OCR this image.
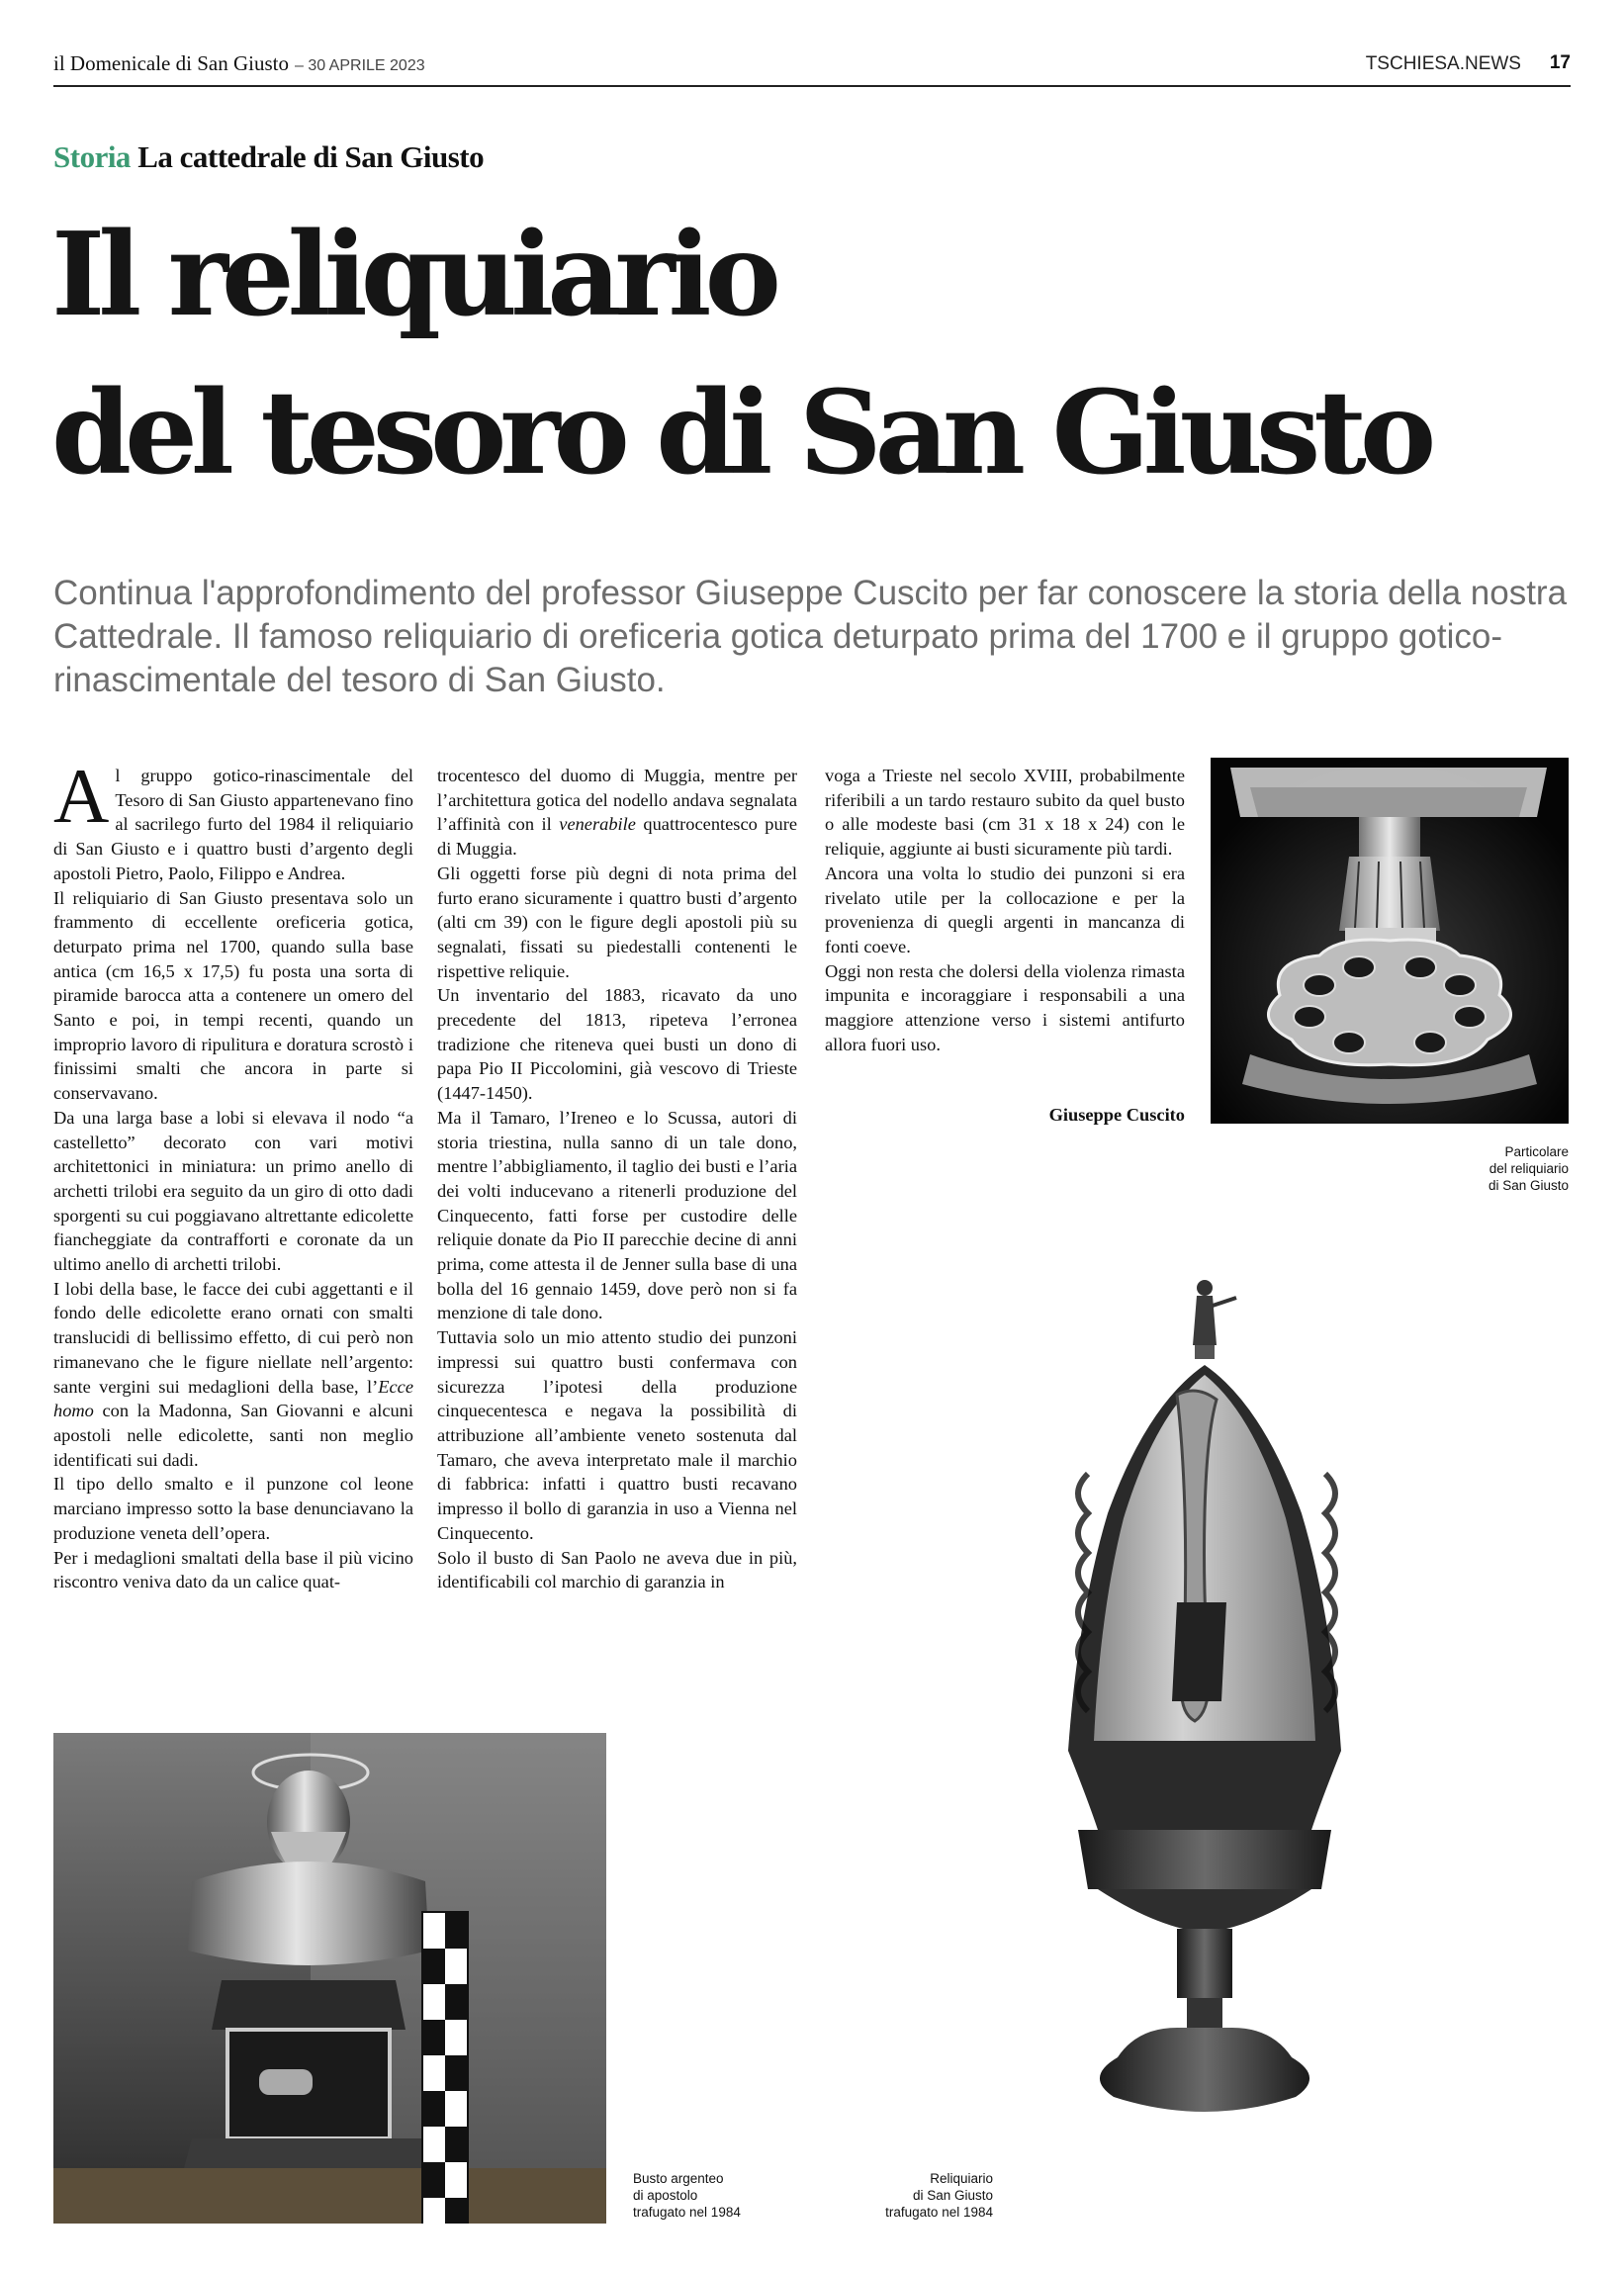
il Domenicale di San Giusto – 30 APRILE 2023	TSCHIESA.NEWS 17
Storia La cattedrale di San Giusto
Il reliquiario
del tesoro di San Giusto

Continua l'approfondimento del professor Giuseppe Cuscito per far conoscere la storia della nostra Cattedrale. Il famoso reliquiario di oreficeria gotica deturpato prima del 1700 e il gruppo gotico-rinascimentale del tesoro di San Giusto.

Al gruppo gotico-rinascimentale del Tesoro di San Giusto appartenevano fino al sacrilego furto del 1984 il reliquiario di San Giusto e i quattro busti d’argento degli apostoli Pietro, Paolo, Filippo e Andrea.

Il reliquiario di San Giusto presentava solo un frammento di eccellente oreficeria gotica, deturpato prima nel 1700, quando sulla base antica (cm 16,5 x 17,5) fu posta una sorta di piramide barocca atta a contenere un omero del Santo e poi, in tempi recenti, quando un improprio lavoro di ripulitura e doratura scrostò i finissimi smalti che ancora in parte si conservavano.

Da una larga base a lobi si elevava il nodo “a castelletto” decorato con vari motivi architettonici in miniatura: un primo anello di archetti trilobi era seguito da un giro di otto dadi sporgenti su cui poggiavano altrettante edicolette fiancheggiate da contrafforti e coronate da un ultimo anello di archetti trilobi.

I lobi della base, le facce dei cubi aggettanti e il fondo delle edicolette erano ornati con smalti translucidi di bellissimo effetto, di cui però non rimanevano che le figure niellate nell’argento: sante vergini sui medaglioni della base, l’Ecce homo con la Madonna, San Giovanni e alcuni apostoli nelle edicolette, santi non meglio identificati sui dadi.

Il tipo dello smalto e il punzone col leone marciano impresso sotto la base denunciavano la produzione veneta dell’opera.

Per i medaglioni smaltati della base il più vicino riscontro veniva dato da un calice quat-

trocentesco del duomo di Muggia, mentre per l’architettura gotica del nodello andava segnalata l’affinità con il venerabile quattrocentesco pure di Muggia.

Gli oggetti forse più degni di nota prima del furto erano sicuramente i quattro busti d’argento (alti cm 39) con le figure degli apostoli più su segnalati, fissati su piedestalli contenenti le rispettive reliquie.

Un inventario del 1883, ricavato da uno precedente del 1813, ripeteva l’erronea tradizione che riteneva quei busti un dono di papa Pio II Piccolomini, già vescovo di Trieste (1447-1450).

Ma il Tamaro, l’Ireneo e lo Scussa, autori di storia triestina, nulla sanno di un tale dono, mentre l’abbigliamento, il taglio dei busti e l’aria dei volti inducevano a ritenerli produzione del Cinquecento, fatti forse per custodire delle reliquie donate da Pio II parecchie decine di anni prima, come attesta il de Jenner sulla base di una bolla del 16 gennaio 1459, dove però non si fa menzione di tale dono.

Tuttavia solo un mio attento studio dei punzoni impressi sui quattro busti confermava con sicurezza l’ipotesi della produzione cinquecentesca e negava la possibilità di attribuzione all’ambiente veneto sostenuta dal Tamaro, che aveva interpretato male il marchio di fabbrica: infatti i quattro busti recavano impresso il bollo di garanzia in uso a Vienna nel Cinquecento.

Solo il busto di San Paolo ne aveva due in più, identificabili col marchio di garanzia in

voga a Trieste nel secolo XVIII, probabilmente riferibili a un tardo restauro subito da quel busto o alle modeste basi (cm 31 x 18 x 24) con le reliquie, aggiunte ai busti sicuramente più tardi.

Ancora una volta lo studio dei punzoni si era rivelato utile per la collocazione e per la provenienza di quegli argenti in mancanza di fonti coeve.

Oggi non resta che dolersi della violenza rimasta impunita e incoraggiare i responsabili a una maggiore attenzione verso i sistemi antifurto allora fuori uso.

Giuseppe Cuscito
Particolare
del reliquiario
di San Giusto
Reliquiario
di San Giusto
trafugato nel 1984
Busto argenteo
di apostolo
trafugato nel 1984
